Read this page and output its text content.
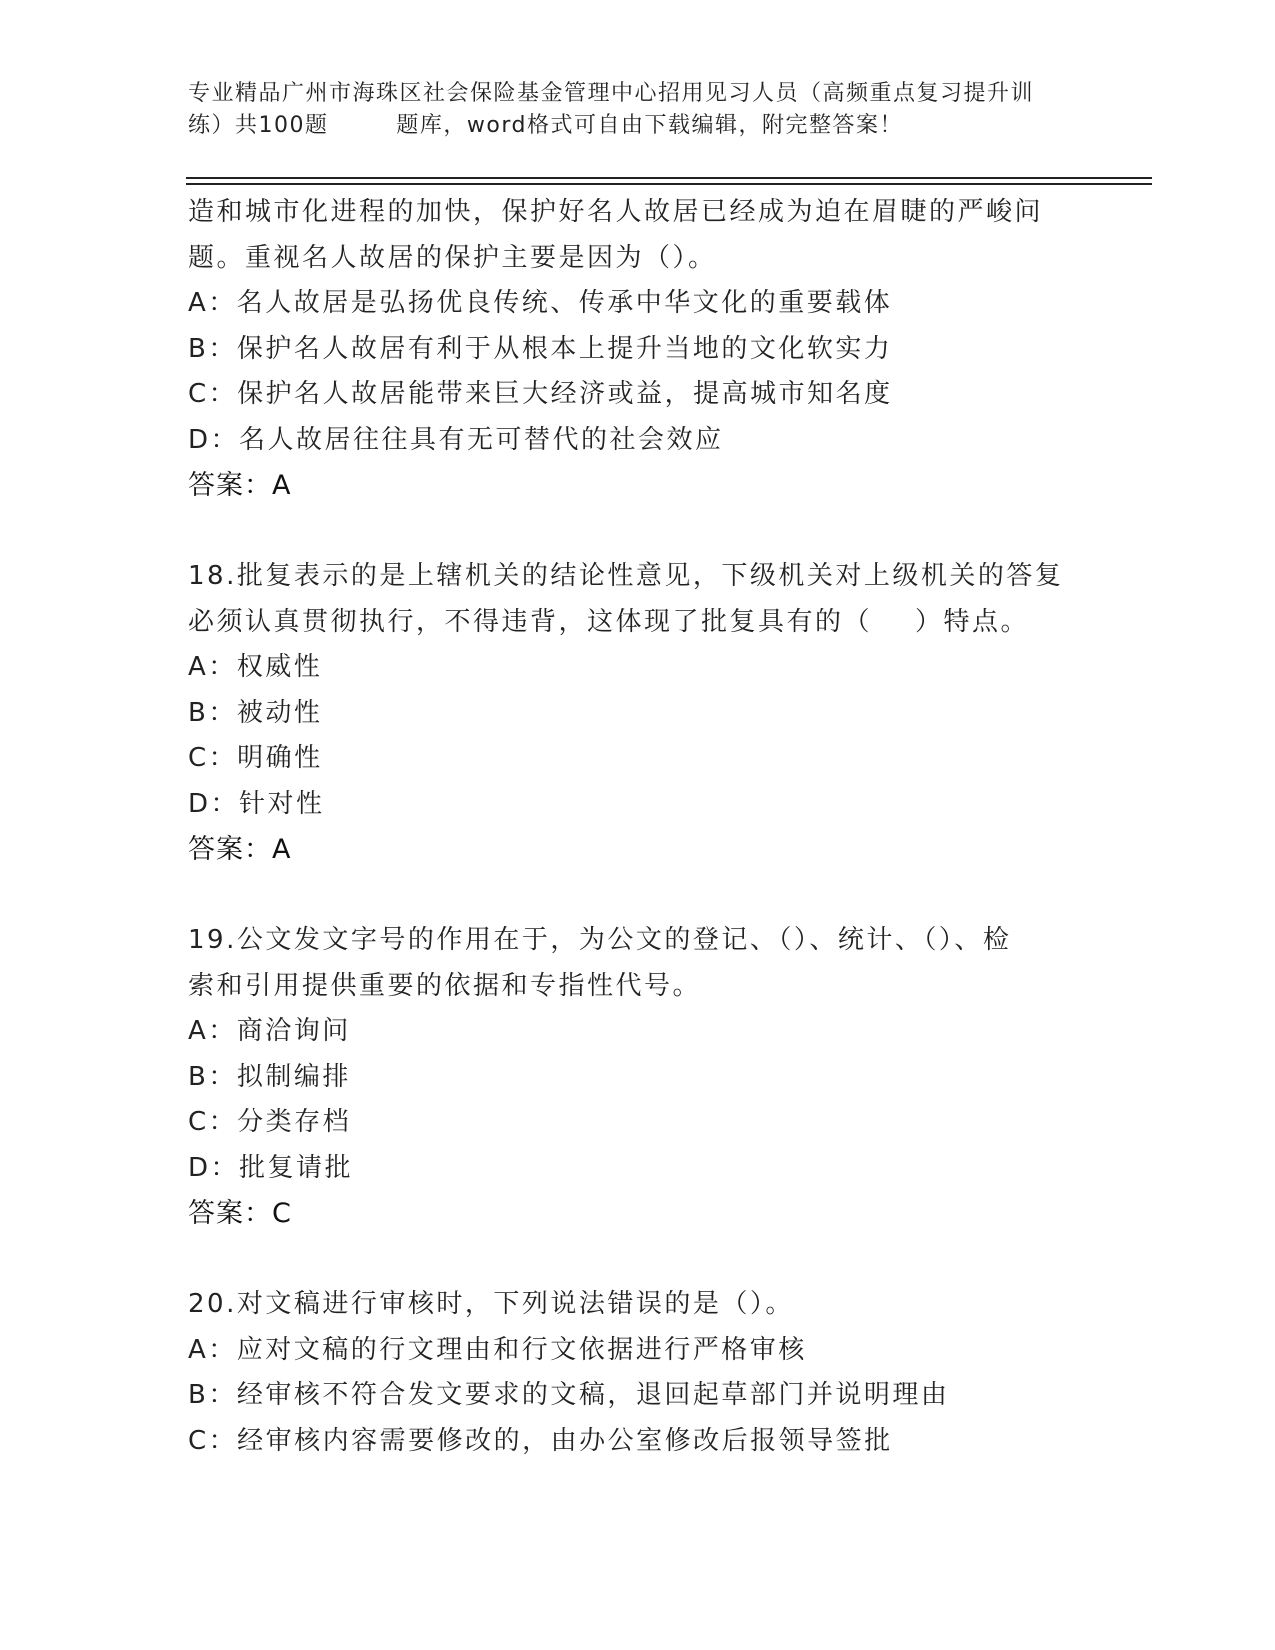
专业精品广州市海珠区社会保险基金管理中心招用见习人员（高频重点复习提升训
练）共100题        题库，word格式可自由下载编辑，附完整答案！
造和城市化进程的加快，保护好名人故居已经成为迫在眉睫的严峻问
题。重视名人故居的保护主要是因为（）。
A：名人故居是弘扬优良传统、传承中华文化的重要载体
B：保护名人故居有利于从根本上提升当地的文化软实力
C：保护名人故居能带来巨大经济或益，提高城市知名度
D：名人故居往往具有无可替代的社会效应
答案：A
18.批复表示的是上辖机关的结论性意见，下级机关对上级机关的答复
必须认真贯彻执行，不得违背，这体现了批复具有的（    ）特点。
A：权威性
B：被动性
C：明确性
D：针对性
答案：A
19.公文发文字号的作用在于，为公文的登记、（）、统计、（）、检
索和引用提供重要的依据和专指性代号。
A：商洽询问
B：拟制编排
C：分类存档
D：批复请批
答案：C
20.对文稿进行审核时，下列说法错误的是（）。
A：应对文稿的行文理由和行文依据进行严格审核
B：经审核不符合发文要求的文稿，退回起草部门并说明理由
C：经审核内容需要修改的，由办公室修改后报领导签批
